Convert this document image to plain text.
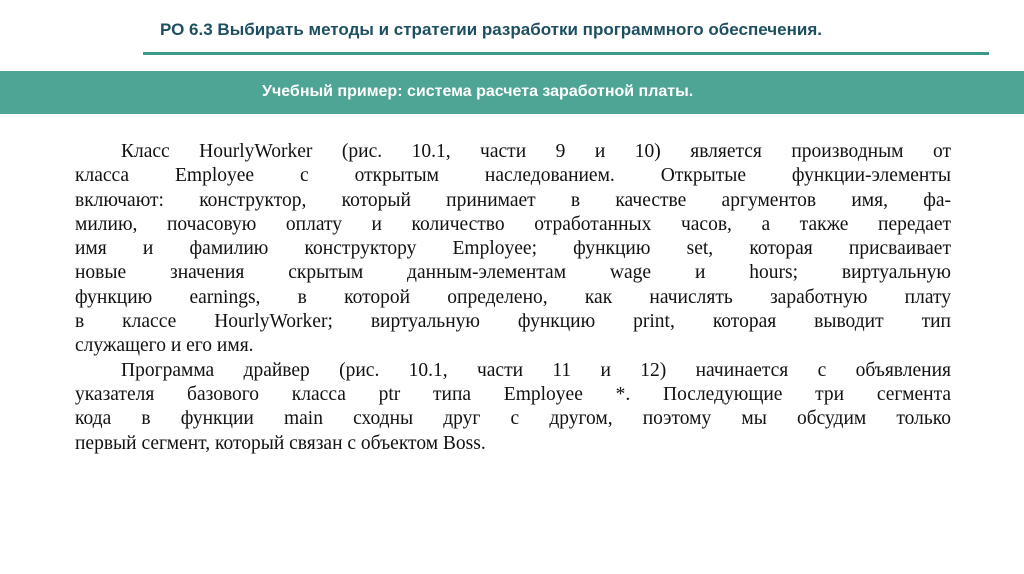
РО 6.3 Выбирать методы и стратегии разработки программного обеспечения.
Учебный пример: система расчета заработной платы.
Класс HourlyWorker (рис. 10.1, части 9 и 10) является производным от
класса Employee с открытым наследованием. Открытые функции-элементы
включают: конструктор, который принимает в качестве аргументов имя, фа-
милию, почасовую оплату и количество отработанных часов, а также передает
имя и фамилию конструктору Employee; функцию set, которая присваивает
новые значения скрытым данным-элементам wage и hours; виртуальную
функцию earnings, в которой определено, как начислять заработную плату
в классе HourlyWorker; виртуальную функцию print, которая выводит тип
служащего и его имя.
Программа драйвер (рис. 10.1, части 11 и 12) начинается с объявления
указателя базового класса ptr типа Employee *. Последующие три сегмента
кода в функции main сходны друг с другом, поэтому мы обсудим только
первый сегмент, который связан с объектом Boss.
